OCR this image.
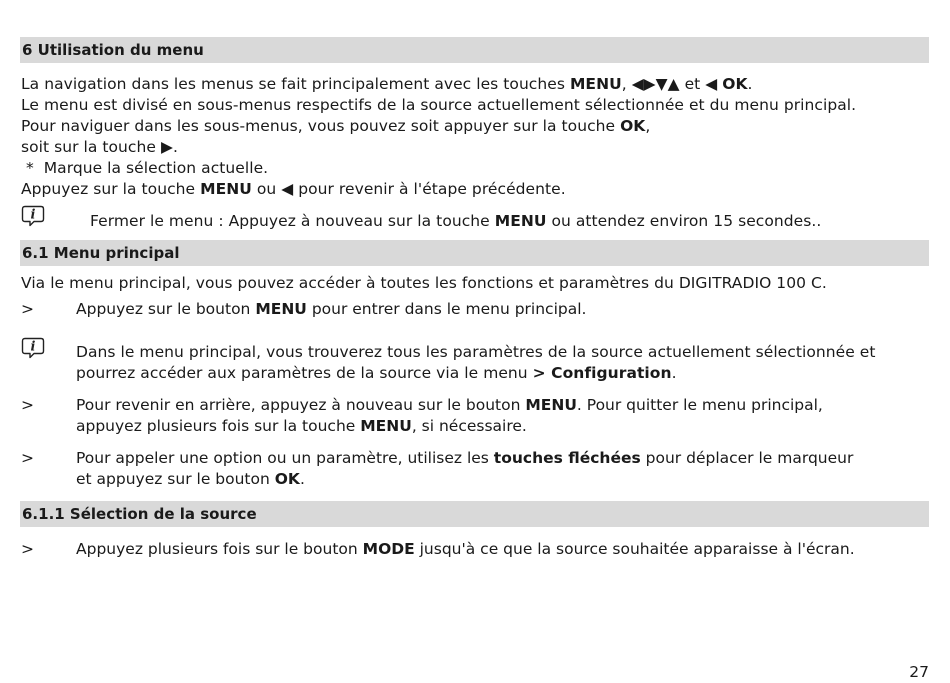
6 Utilisation du menu
La navigation dans les menus se fait principalement avec les touches MENU, ◀▶▼▲ et ◀ OK.
Le menu est divisé en sous-menus respectifs de la source actuellement sélectionnée et du menu principal.
Pour naviguer dans les sous-menus, vous pouvez soit appuyer sur la touche OK,
soit sur la touche ▶.
*  Marque la sélection actuelle.
Appuyez sur la touche MENU ou ◀ pour revenir à l'étape précédente.
i	Fermer le menu : Appuyez à nouveau sur la touche MENU ou attendez environ 15 secondes..
6.1 Menu principal
Via le menu principal, vous pouvez accéder à toutes les fonctions et paramètres du DIGITRADIO 100 C.
>	Appuyez sur le bouton MENU pour entrer dans le menu principal.
i	Dans le menu principal, vous trouverez tous les paramètres de la source actuellement sélectionnée et
pourrez accéder aux paramètres de la source via le menu > Configuration.
>	Pour revenir en arrière, appuyez à nouveau sur le bouton MENU. Pour quitter le menu principal,
appuyez plusieurs fois sur la touche MENU, si nécessaire.
>	Pour appeler une option ou un paramètre, utilisez les touches fléchées pour déplacer le marqueur
et appuyez sur le bouton OK.
6.1.1 Sélection de la source
>	Appuyez plusieurs fois sur le bouton MODE jusqu'à ce que la source souhaitée apparaisse à l'écran.
27
